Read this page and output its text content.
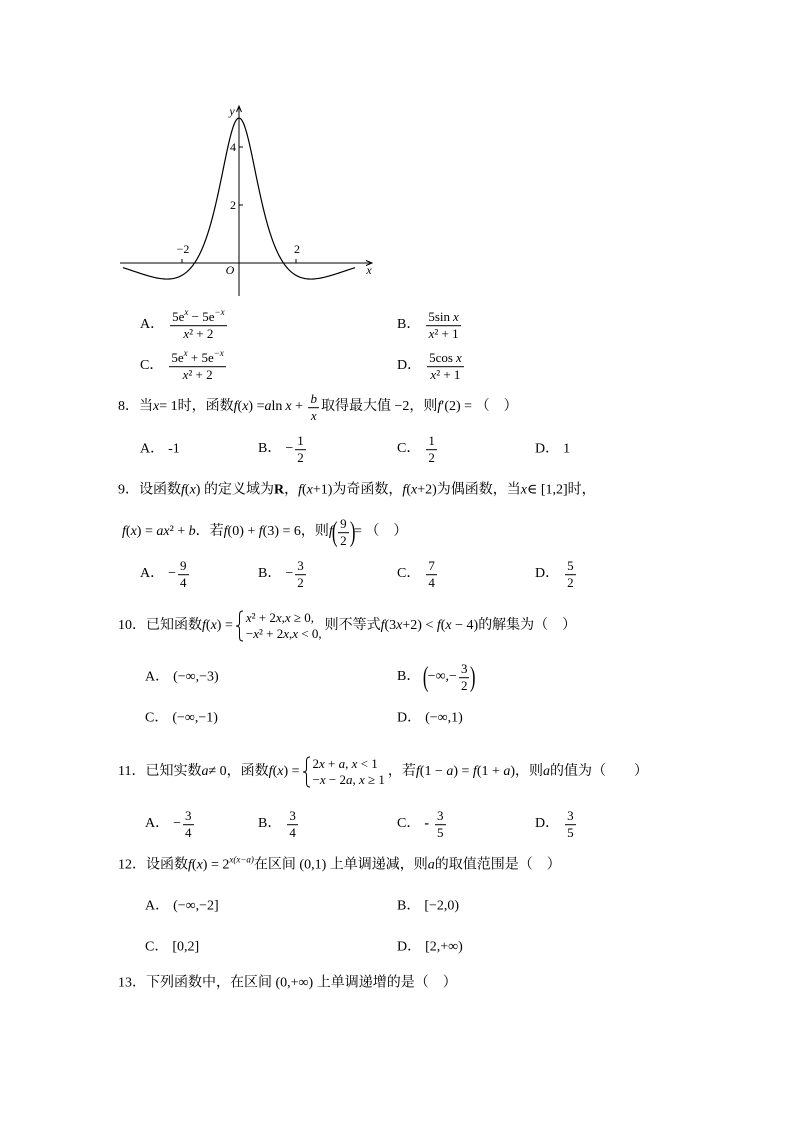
y
4
2
−2	2
O	x
A． $\frac{5e^x - 5e^{-x}}{\text{x² + 2}}$	B． $\frac{\text{5sin x}}{\text{x² + 1}}$
C． $\frac{5e^x + 5e^{-x}}{\text{x² + 2}}$	D． $\frac{\text{5cos x}}{\text{x² + 1}}$
8．当 x = 1时，函数 f ( x ) = a $\ln x + \frac{b}{x}$ 取得最大值 −2，则 f ′(2) = （　）
A． -1	B． − $\frac{1}{2}$	C． $\frac{1}{2}$	D． 1
9．设函数 f ( x ) 的定义域为 R ， f ( x +1)为奇函数， f ( x +2)为偶函数，当 x ∈ [1,2]时，
f ( x ) = ax ² + b ．若 f (0) + f (3) = 6，则 f
( $\frac{9}{2}$ )
= （　）
A． − $\frac{9}{4}$	B． − $\frac{3}{2}$	C． $\frac{7}{4}$	D． $\frac{5}{2}$
10．已知函数 f ( x ) = x² + 2x,x ≥ 0,
−x² + 2x,x < 0,
则不等式 f (3 x +2) < f ( x − 4) 的解集为（　）
A． (−∞,−3)	B． (
−∞,− $\frac{3}{2}$ )
C． (−∞,−1)	D． (−∞,1)
11．已知实数 a ≠ 0，函数 f ( x ) = 2x + a, x < 1
−x − 2a, x ≥ 1
，若 f (1 − a ) = f (1 + a )，则 a 的值为（　　）
A． − $\frac{3}{4}$	B． $\frac{3}{4}$	C． - $\frac{3}{5}$	D． $\frac{3}{5}$
12．设函数 f ( x ) = 2 x(x−a) 在区间 (0,1) 上单调递减，则 a 的取值范围是（　）
A． (−∞,−2]	B． [−2,0)
C． [0,2]	D． [2,+∞)
13．下列函数中，在区间 (0,+∞) 上单调递增的是（　）
